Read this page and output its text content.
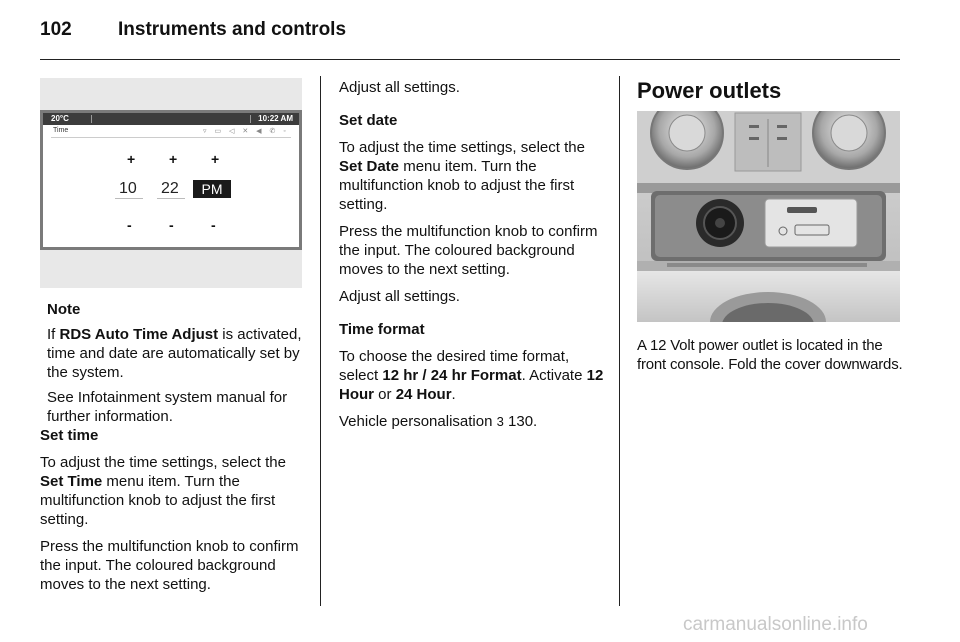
102 Instruments and controls
20°C	10:22 AM
Time	▿ ▭ ◁ ✕ ◀ ✆ ◦
+ + +
10 22	PM
-	-	-

Note

If RDS Auto Time Adjust is activated, time and date are automatically set by the system.

See Infotainment system manual for further information.

Set time

To adjust the time settings, select the Set Time menu item. Turn the multifunction knob to adjust the first setting.

Press the multifunction knob to confirm the input. The coloured background moves to the next setting.

Adjust all settings.

Set date

To adjust the time settings, select the Set Date menu item. Turn the multifunction knob to adjust the first setting.

Press the multifunction knob to confirm the input. The coloured background moves to the next setting.

Adjust all settings.

Time format

To choose the desired time format, select 12 hr / 24 hr Format. Activate 12 Hour or 24 Hour.

Vehicle personalisation 3 130.

Power outlets
A 12 Volt power outlet is located in the front console. Fold the cover downwards.
carmanualsonline.info
